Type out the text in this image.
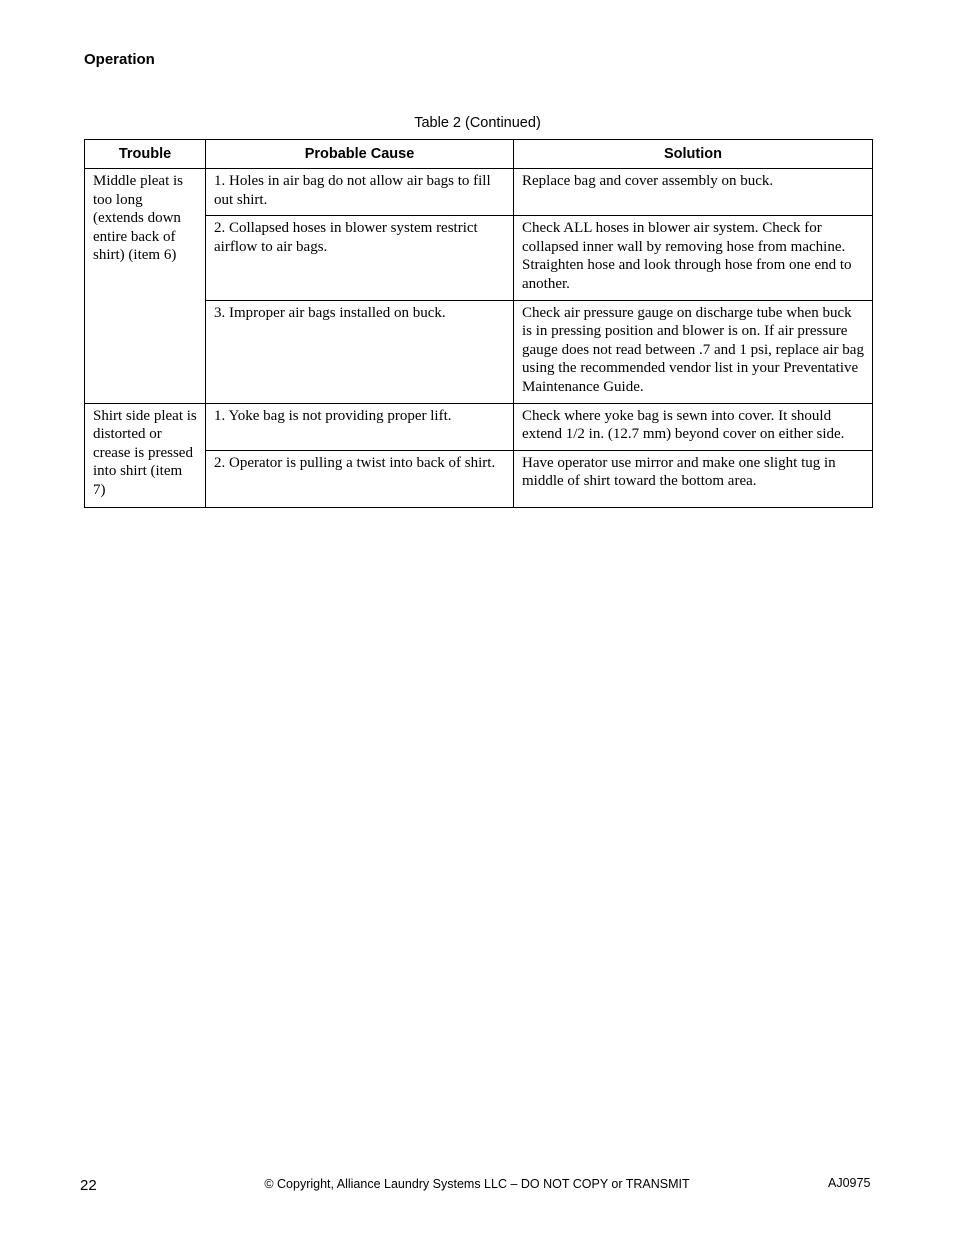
Operation
Table 2 (Continued)
Trouble	Probable Cause	Solution

Middle pleat is too long (extends down entire back of shirt) (item 6)	1. Holes in air bag do not allow air bags to fill out shirt.	Replace bag and cover assembly on buck.

	2. Collapsed hoses in blower system restrict airflow to air bags.	Check ALL hoses in blower air system. Check for collapsed inner wall by removing hose from machine. Straighten hose and look through hose from one end to another.

	3. Improper air bags installed on buck.	Check air pressure gauge on discharge tube when buck is in pressing position and blower is on. If air pressure gauge does not read between .7 and 1 psi, replace air bag using the recommended vendor list in your Preventative Maintenance Guide.

Shirt side pleat is distorted or crease is pressed into shirt (item 7)	1. Yoke bag is not providing proper lift.	Check where yoke bag is sewn into cover. It should extend 1/2 in. (12.7 mm) beyond cover on either side.

	2. Operator is pulling a twist into back of shirt.	Have operator use mirror and make one slight tug in middle of shirt toward the bottom area.
22	© Copyright, Alliance Laundry Systems LLC – DO NOT COPY or TRANSMIT	AJ0975
